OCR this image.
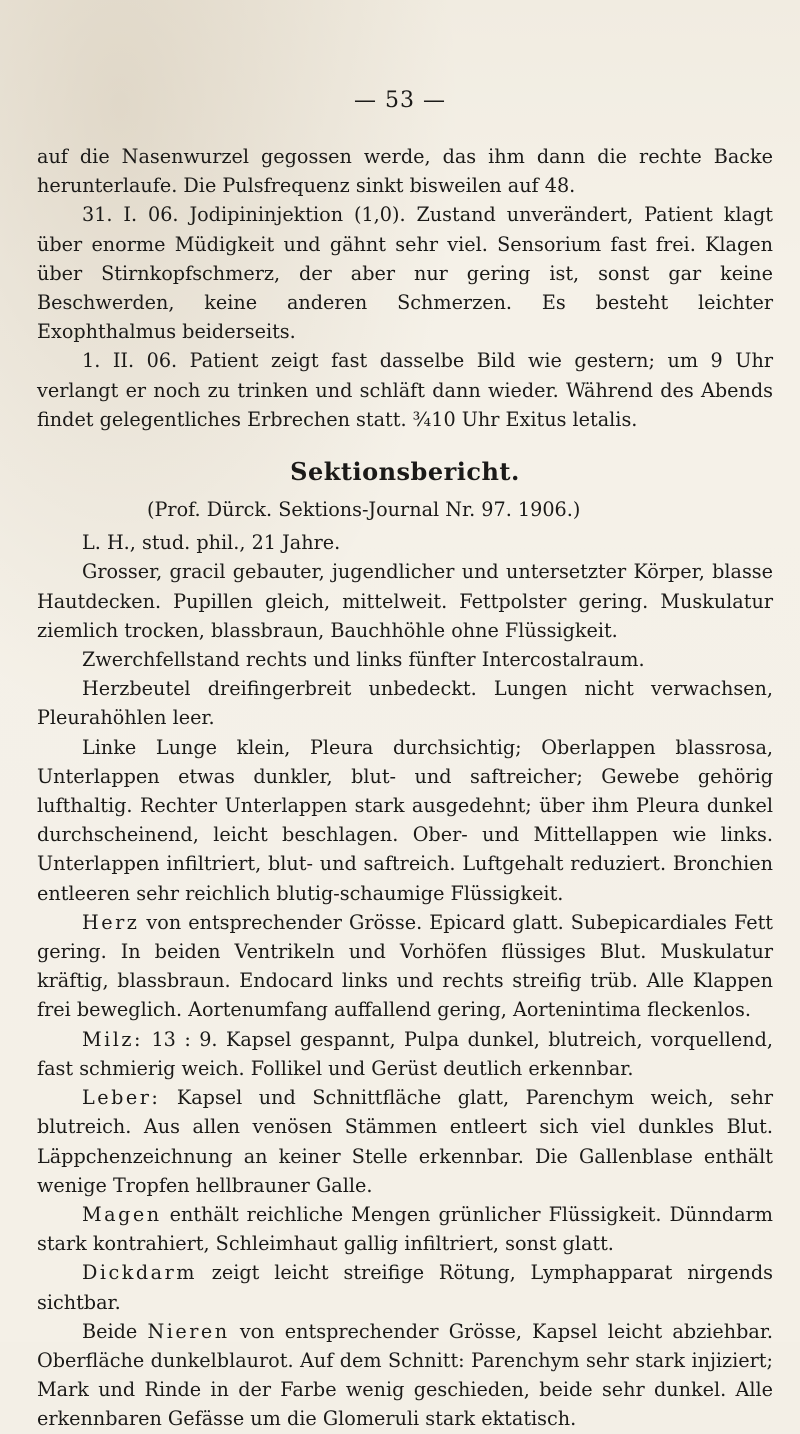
— 53 —

auf die Nasenwurzel gegossen werde, das ihm dann die rechte Backe herunterlaufe. Die Pulsfrequenz sinkt bisweilen auf 48.

31. I. 06. Jodipininjektion (1,0). Zustand unverändert, Patient klagt über enorme Müdigkeit und gähnt sehr viel. Sensorium fast frei. Klagen über Stirnkopfschmerz, der aber nur gering ist, sonst gar keine Beschwerden, keine anderen Schmerzen. Es besteht leichter Exophthalmus beiderseits.

1. II. 06. Patient zeigt fast dasselbe Bild wie gestern; um 9 Uhr verlangt er noch zu trinken und schläft dann wieder. Während des Abends findet gelegentliches Erbrechen statt. ¾10 Uhr Exitus letalis.

Sektionsbericht.
(Prof. Dürck. Sektions-Journal Nr. 97. 1906.)

L. H., stud. phil., 21 Jahre.

Grosser, gracil gebauter, jugendlicher und untersetzter Körper, blasse Hautdecken. Pupillen gleich, mittelweit. Fettpolster gering. Muskulatur ziemlich trocken, blassbraun, Bauchhöhle ohne Flüssigkeit.

Zwerchfellstand rechts und links fünfter Intercostalraum.

Herzbeutel dreifingerbreit unbedeckt. Lungen nicht verwachsen, Pleurahöhlen leer.

Linke Lunge klein, Pleura durchsichtig; Oberlappen blassrosa, Unterlappen etwas dunkler, blut- und saftreicher; Gewebe gehörig lufthaltig. Rechter Unterlappen stark ausgedehnt; über ihm Pleura dunkel durchscheinend, leicht beschlagen. Ober- und Mittellappen wie links. Unterlappen infiltriert, blut- und saftreich. Luftgehalt reduziert. Bronchien entleeren sehr reichlich blutig-schaumige Flüssigkeit.

Herz von entsprechender Grösse. Epicard glatt. Subepicardiales Fett gering. In beiden Ventrikeln und Vorhöfen flüssiges Blut. Muskulatur kräftig, blassbraun. Endocard links und rechts streifig trüb. Alle Klappen frei beweglich. Aortenumfang auffallend gering, Aortenintima fleckenlos.

Milz: 13 : 9. Kapsel gespannt, Pulpa dunkel, blutreich, vorquellend, fast schmierig weich. Follikel und Gerüst deutlich erkennbar.

Leber: Kapsel und Schnittfläche glatt, Parenchym weich, sehr blutreich. Aus allen venösen Stämmen entleert sich viel dunkles Blut. Läppchenzeichnung an keiner Stelle erkennbar. Die Gallenblase enthält wenige Tropfen hellbrauner Galle.

Magen enthält reichliche Mengen grünlicher Flüssigkeit. Dünndarm stark kontrahiert, Schleimhaut gallig infiltriert, sonst glatt.

Dickdarm zeigt leicht streifige Rötung, Lymphapparat nirgends sichtbar.

Beide Nieren von entsprechender Grösse, Kapsel leicht abziehbar. Oberfläche dunkelblaurot. Auf dem Schnitt: Parenchym sehr stark injiziert; Mark und Rinde in der Farbe wenig geschieden, beide sehr dunkel. Alle erkennbaren Gefässe um die Glomeruli stark ektatisch.
